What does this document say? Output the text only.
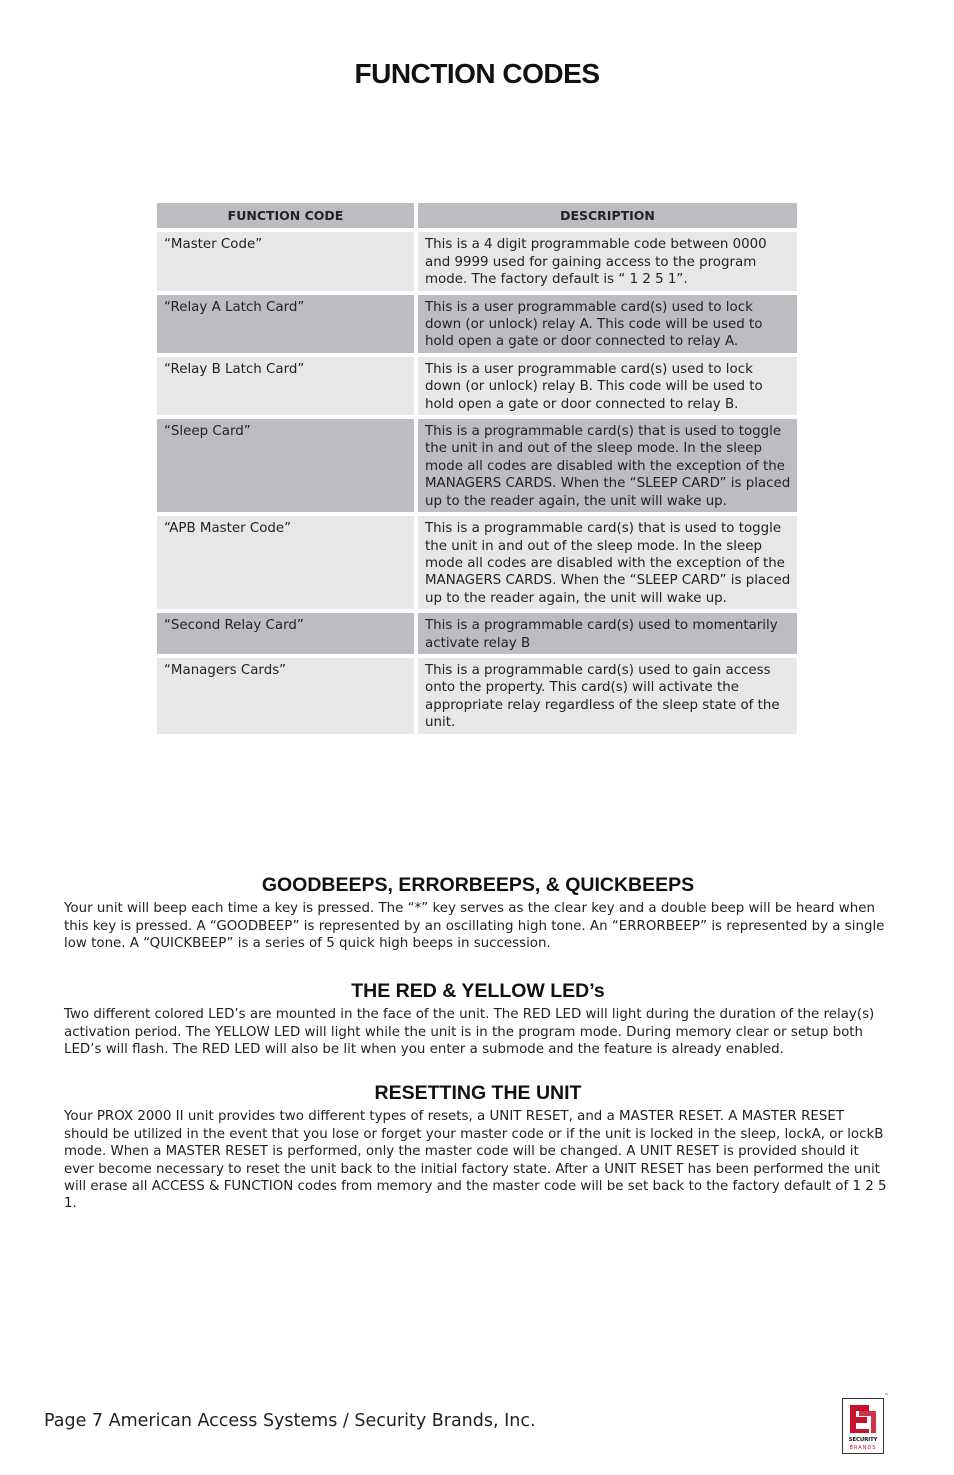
FUNCTION CODES
FUNCTION CODE	DESCRIPTION
“Master Code”	This is a 4 digit programmable code between 0000 and 9999 used for gaining access to the program mode. The factory default is “ 1 2 5 1”.
“Relay A Latch Card”	This is a user programmable card(s) used to lock down (or unlock) relay A. This code will be used to hold open a gate or door connected to relay A.
“Relay B Latch Card”	This is a user programmable card(s) used to lock down (or unlock) relay B. This code will be used to hold open a gate or door connected to relay B.
“Sleep Card”	This is a programmable card(s) that is used to toggle the unit in and out of the sleep mode. In the sleep mode all codes are disabled with the exception of the MANAGERS CARDS. When the “SLEEP CARD” is placed up to the reader again, the unit will wake up.
“APB Master Code”	This is a programmable card(s) that is used to toggle the unit in and out of the sleep mode. In the sleep mode all codes are disabled with the exception of the MANAGERS CARDS. When the “SLEEP CARD” is placed up to the reader again, the unit will wake up.
“Second Relay Card”	This is a programmable card(s) used to momentarily activate relay B
“Managers Cards”	This is a programmable card(s) used to gain access onto the property. This card(s) will activate the appropriate relay regardless of the sleep state of the unit.
GOODBEEPS, ERRORBEEPS, & QUICKBEEPS

Your unit will beep each time a key is pressed. The “*” key serves as the clear key and a double beep will be heard when this key is pressed. A “GOODBEEP” is represented by an oscillating high tone. An “ERRORBEEP” is represented by a single low tone. A “QUICKBEEP” is a series of 5 quick high beeps in succession.

THE RED & YELLOW LED’s

Two different colored LED’s are mounted in the face of the unit. The RED LED will light during the duration of the relay(s) activation period. The YELLOW LED will light while the unit is in the program mode. During memory clear or setup both LED’s will flash. The RED LED will also be lit when you enter a submode and the feature is already enabled.

RESETTING THE UNIT

Your PROX 2000 II unit provides two different types of resets, a UNIT RESET, and a MASTER RESET. A MASTER RESET should be utilized in the event that you lose or forget your master code or if the unit is locked in the sleep, lockA, or lockB mode. When a MASTER RESET is performed, only the master code will be changed. A UNIT RESET is provided should it ever become necessary to reset the unit back to the initial factory state. After a UNIT RESET has been performed the unit will erase all ACCESS & FUNCTION codes from memory and the master code will be set back to the factory default of 1 2 5 1.

Page 7 American Access Systems / Security Brands, Inc.
™
SECURITY
BRANDS
